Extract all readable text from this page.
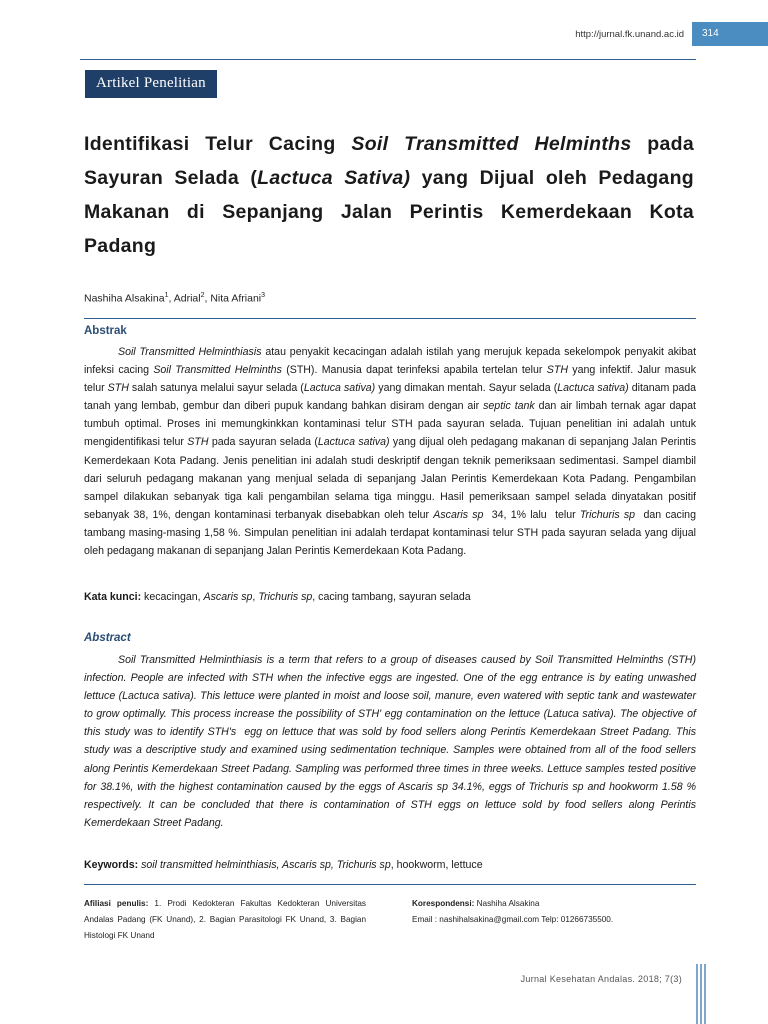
http://jurnal.fk.unand.ac.id	314
Artikel Penelitian
Identifikasi Telur Cacing Soil Transmitted Helminths pada Sayuran Selada (Lactuca Sativa) yang Dijual oleh Pedagang Makanan di Sepanjang Jalan Perintis Kemerdekaan Kota Padang
Nashiha Alsakina$^1$, Adrial$^2$, Nita Afriani$^3$
Abstrak
Soil Transmitted Helminthiasis atau penyakit kecacingan adalah istilah yang merujuk kepada sekelompok penyakit akibat infeksi cacing Soil Transmitted Helminths (STH). Manusia dapat terinfeksi apabila tertelan telur STH yang infektif. Jalur masuk telur STH salah satunya melalui sayur selada (Lactuca sativa) yang dimakan mentah. Sayur selada (Lactuca sativa) ditanam pada tanah yang lembab, gembur dan diberi pupuk kandang bahkan disiram dengan air septic tank dan air limbah ternak agar dapat tumbuh optimal. Proses ini memungkinkkan kontaminasi telur STH pada sayuran selada. Tujuan penelitian ini adalah untuk mengidentifikasi telur STH pada sayuran selada (Lactuca sativa) yang dijual oleh pedagang makanan di sepanjang Jalan Perintis Kemerdekaan Kota Padang. Jenis penelitian ini adalah studi deskriptif dengan teknik pemeriksaan sedimentasi. Sampel diambil dari seluruh pedagang makanan yang menjual selada di sepanjang Jalan Perintis Kemerdekaan Kota Padang. Pengambilan sampel dilakukan sebanyak tiga kali pengambilan selama tiga minggu. Hasil pemeriksaan sampel selada dinyatakan positif sebanyak 38, 1%, dengan kontaminasi terbanyak disebabkan oleh telur Ascaris sp  34, 1% lalu  telur Trichuris sp  dan cacing tambang masing-masing 1,58 %. Simpulan penelitian ini adalah terdapat kontaminasi telur STH pada sayuran selada yang dijual oleh pedagang makanan di sepanjang Jalan Perintis Kemerdekaan Kota Padang.
Kata kunci: kecacingan, Ascaris sp, Trichuris sp, cacing tambang, sayuran selada
Abstract
Soil Transmitted Helminthiasis is a term that refers to a group of diseases caused by Soil Transmitted Helminths (STH) infection. People are infected with STH when the infective eggs are ingested. One of the egg entrance is by eating unwashed lettuce (Lactuca sativa). This lettuce were planted in moist and loose soil, manure, even watered with septic tank and wastewater to grow optimally. This process increase the possibility of STH' egg contamination on the lettuce (Latuca sativa). The objective of this study was to identify STH's  egg on lettuce that was sold by food sellers along Perintis Kemerdekaan Street Padang. This study was a descriptive study and examined using sedimentation technique. Samples were obtained from all of the food sellers along Perintis Kemerdekaan Street Padang. Sampling was performed three times in three weeks. Lettuce samples tested positive for 38.1%, with the highest contamination caused by the eggs of Ascaris sp 34.1%, eggs of Trichuris sp and hookworm 1.58 % respectively. It can be concluded that there is contamination of STH eggs on lettuce sold by food sellers along Perintis Kemerdekaan Street Padang.
Keywords: soil transmitted helminthiasis, Ascaris sp, Trichuris sp, hookworm, lettuce
Afiliasi penulis: 1. Prodi Kedokteran Fakultas Kedokteran Universitas Andalas Padang (FK Unand), 2. Bagian Parasitologi FK Unand, 3. Bagian Histologi FK Unand
Korespondensi: Nashiha Alsakina
Email : nashihalsakina@gmail.com Telp: 01266735500.
Jurnal Kesehatan Andalas. 2018; 7(3)
